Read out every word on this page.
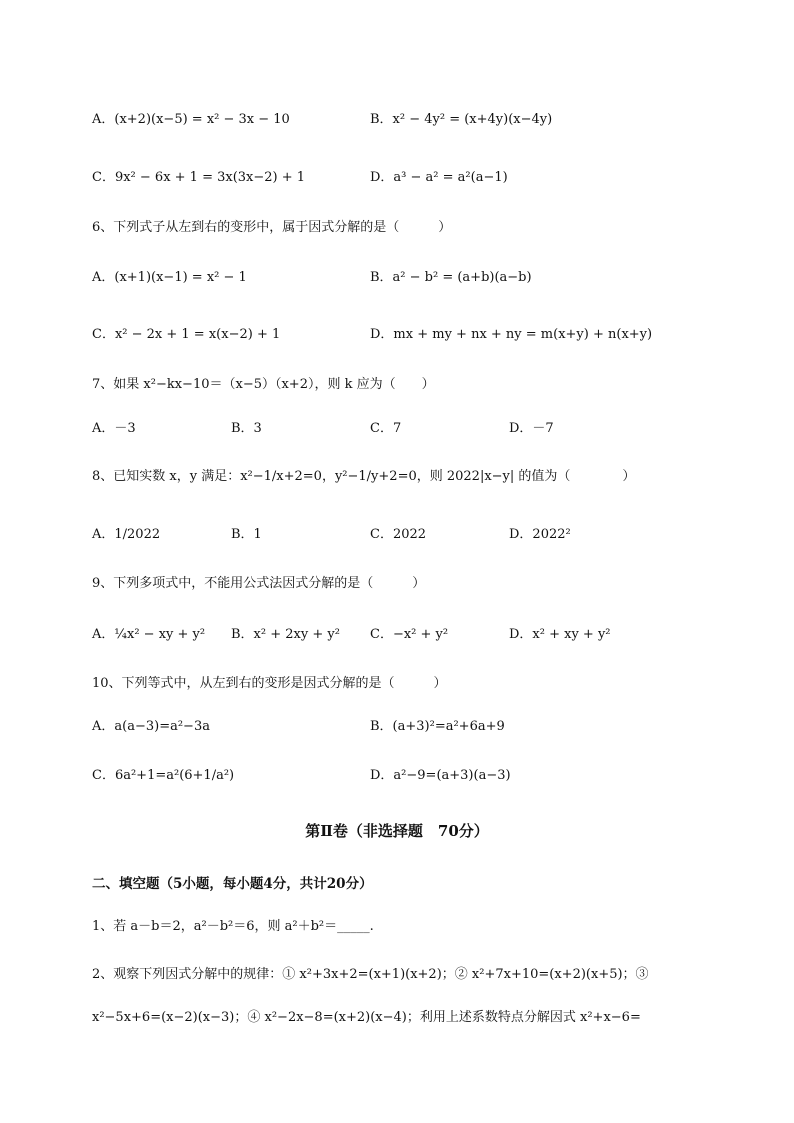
A．(x+2)(x−5) = x² − 3x − 10	B．x² − 4y² = (x+4y)(x−4y)
C．9x² − 6x + 1 = 3x(3x−2) + 1	D．a³ − a² = a²(a−1)
6、下列式子从左到右的变形中，属于因式分解的是（　　　）
A．(x+1)(x−1) = x² − 1	B．a² − b² = (a+b)(a−b)
C．x² − 2x + 1 = x(x−2) + 1	D．mx + my + nx + ny = m(x+y) + n(x+y)
7、如果 x²−kx−10＝（x−5）（x+2），则 k 应为（　　）
A．－3	B．3	C．7	D．－7
8、已知实数 x，y 满足：x²−1/x+2=0，y²−1/y+2=0，则 2022|x−y| 的值为（　　　　）
A．1/2022	B．1	C．2022	D．2022²
9、下列多项式中，不能用公式法因式分解的是（　　　）
A．¼x² − xy + y² B．x² + 2xy + y² C．−x² + y²	D．x² + xy + y²
10、下列等式中，从左到右的变形是因式分解的是（　　　）
A．a(a−3)=a²−3a	B．(a+3)²=a²+6a+9
C．6a²+1=a²(6+1/a²)	D．a²−9=(a+3)(a−3)
第Ⅱ卷（非选择题　70分）
二、填空题（5小题，每小题4分，共计20分）
1、若 a－b＝2，a²－b²＝6，则 a²＋b²＝_____.
2、观察下列因式分解中的规律：① x²+3x+2=(x+1)(x+2)；② x²+7x+10=(x+2)(x+5)；③
x²−5x+6=(x−2)(x−3)；④ x²−2x−8=(x+2)(x−4)；利用上述系数特点分解因式 x²+x−6=
